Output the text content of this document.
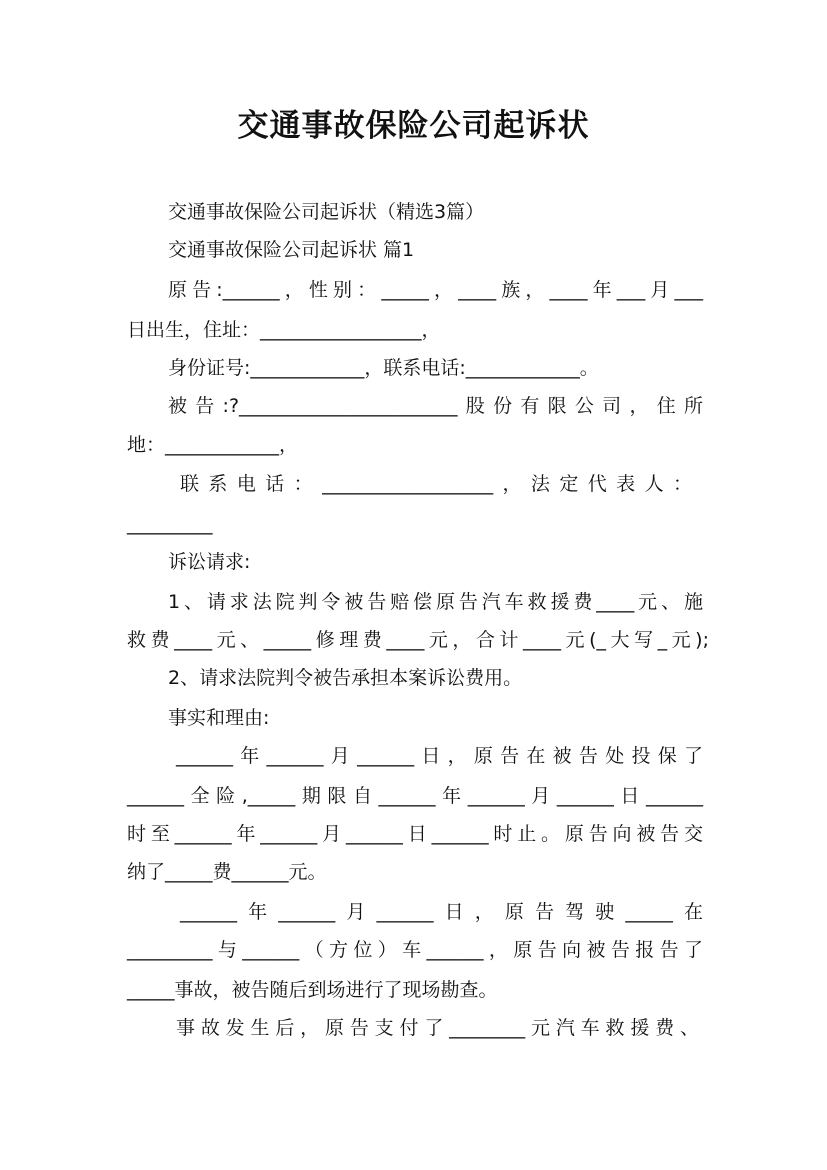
交通事故保险公司起诉状
交通事故保险公司起诉状（精选3篇）
交通事故保险公司起诉状 篇1
原告:______，性别：_____，____族，____年___月___
日出生，住址：_________________，
身份证号:____________，联系电话:____________。
被告:?_______________________股份有限公司，住所
地：____________，
联系电话：__________________，法定代表人：
_________
诉讼请求:
1、请求法院判令被告赔偿原告汽车救援费____元、施
救费____元、_____修理费____元，合计____元(_大写_元);
2、请求法院判令被告承担本案诉讼费用。
事实和理由:
______年______月______日，原告在被告处投保了
______全险,_____期限自______年______月______日______
时至______年______月______日______时止。原告向被告交
纳了_____费______元。
______年______月______日，原告驾驶_____在
_________与______（方位）车______，原告向被告报告了
_____事故，被告随后到场进行了现场勘查。
事故发生后，原告支付了________元汽车救援费、
